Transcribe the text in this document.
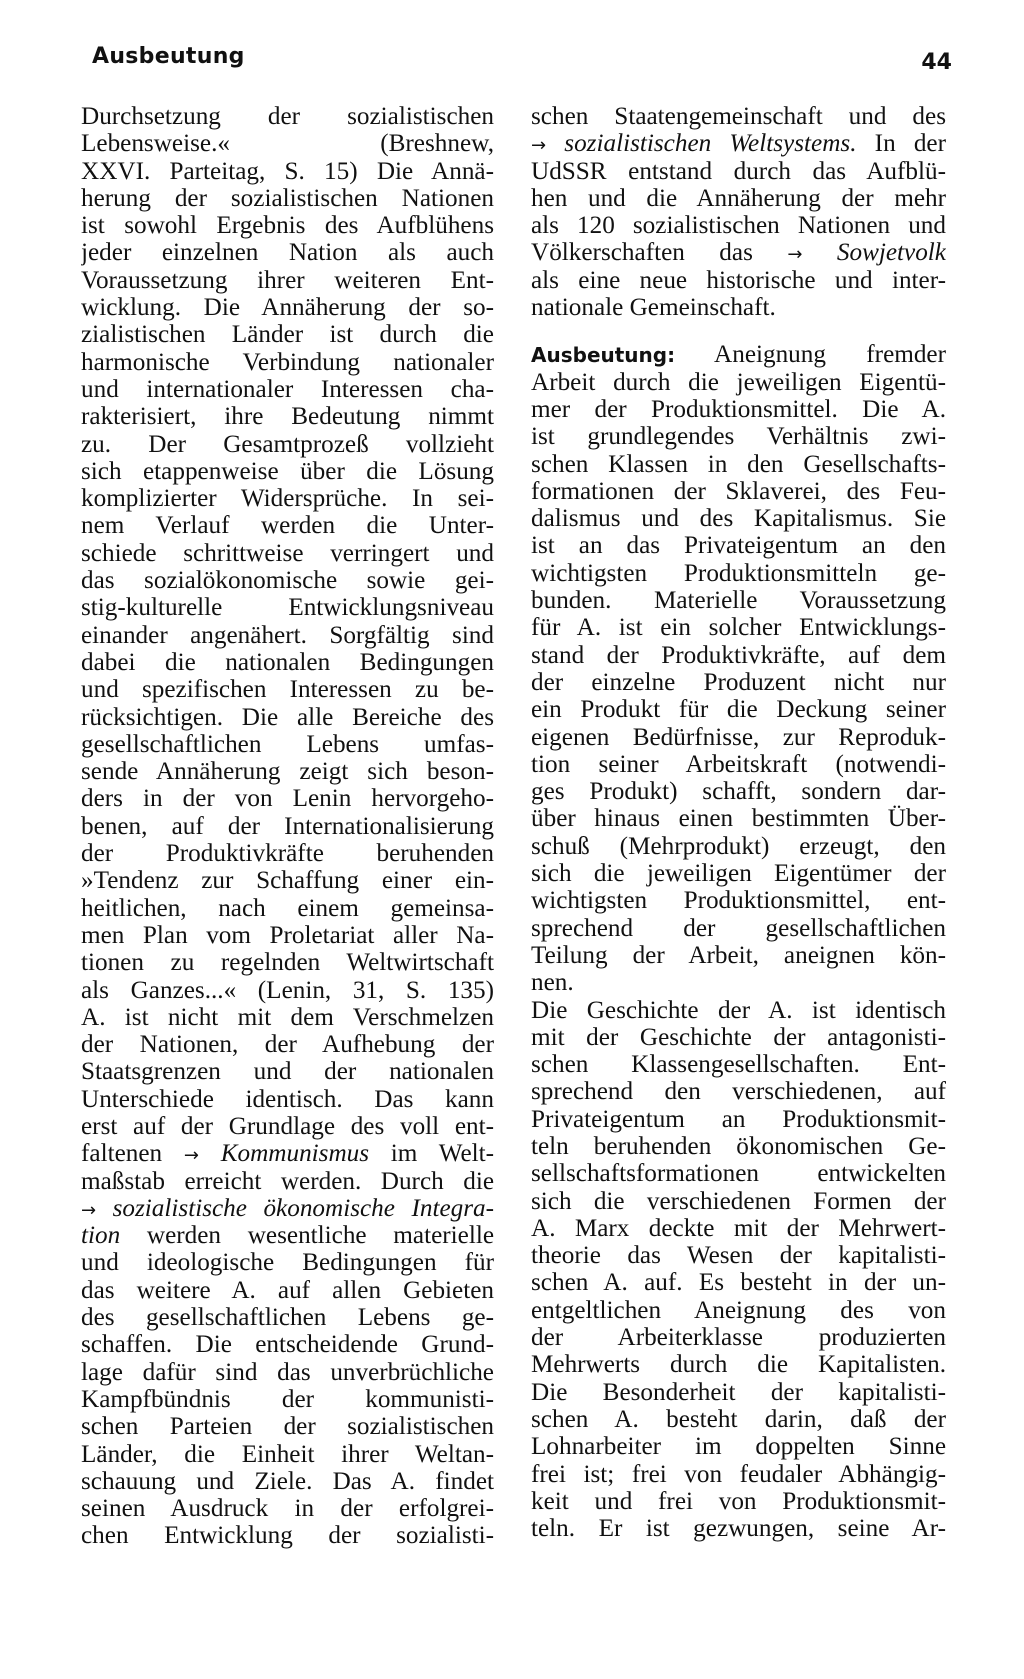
Ausbeutung	44
Durchsetzung der sozialistischen
Lebensweise.« (Breshnew,
XXVI. Parteitag, S. 15) Die Annä-
herung der sozialistischen Nationen
ist sowohl Ergebnis des Aufblühens
jeder einzelnen Nation als auch
Voraussetzung ihrer weiteren Ent-
wicklung. Die Annäherung der so-
zialistischen Länder ist durch die
harmonische Verbindung nationaler
und internationaler Interessen cha-
rakterisiert, ihre Bedeutung nimmt
zu. Der Gesamtprozeß vollzieht
sich etappenweise über die Lösung
komplizierter Widersprüche. In sei-
nem Verlauf werden die Unter-
schiede schrittweise verringert und
das sozialökonomische sowie gei-
stig-kulturelle Entwicklungsniveau
einander angenähert. Sorgfältig sind
dabei die nationalen Bedingungen
und spezifischen Interessen zu be-
rücksichtigen. Die alle Bereiche des
gesellschaftlichen Lebens umfas-
sende Annäherung zeigt sich beson-
ders in der von Lenin hervorgeho-
benen, auf der Internationalisierung
der Produktivkräfte beruhenden
»Tendenz zur Schaffung einer ein-
heitlichen, nach einem gemeinsa-
men Plan vom Proletariat aller Na-
tionen zu regelnden Weltwirtschaft
als Ganzes...« (Lenin, 31, S. 135)
A. ist nicht mit dem Verschmelzen
der Nationen, der Aufhebung der
Staatsgrenzen und der nationalen
Unterschiede identisch. Das kann
erst auf der Grundlage des voll ent-
faltenen → Kommunismus im Welt-
maßstab erreicht werden. Durch die
→ sozialistische ökonomische Integra-
tion werden wesentliche materielle
und ideologische Bedingungen für
das weitere A. auf allen Gebieten
des gesellschaftlichen Lebens ge-
schaffen. Die entscheidende Grund-
lage dafür sind das unverbrüchliche
Kampfbündnis der kommunisti-
schen Parteien der sozialistischen
Länder, die Einheit ihrer Weltan-
schauung und Ziele. Das A. findet
seinen Ausdruck in der erfolgrei-
chen Entwicklung der sozialisti-
schen Staatengemeinschaft und des
→ sozialistischen Weltsystems. In der
UdSSR entstand durch das Aufblü-
hen und die Annäherung der mehr
als 120 sozialistischen Nationen und
Völkerschaften das → Sowjetvolk
als eine neue historische und inter-
nationale Gemeinschaft.
Ausbeutung: Aneignung fremder
Arbeit durch die jeweiligen Eigentü-
mer der Produktionsmittel. Die A.
ist grundlegendes Verhältnis zwi-
schen Klassen in den Gesellschafts-
formationen der Sklaverei, des Feu-
dalismus und des Kapitalismus. Sie
ist an das Privateigentum an den
wichtigsten Produktionsmitteln ge-
bunden. Materielle Voraussetzung
für A. ist ein solcher Entwicklungs-
stand der Produktivkräfte, auf dem
der einzelne Produzent nicht nur
ein Produkt für die Deckung seiner
eigenen Bedürfnisse, zur Reproduk-
tion seiner Arbeitskraft (notwendi-
ges Produkt) schafft, sondern dar-
über hinaus einen bestimmten Über-
schuß (Mehrprodukt) erzeugt, den
sich die jeweiligen Eigentümer der
wichtigsten Produktionsmittel, ent-
sprechend der gesellschaftlichen
Teilung der Arbeit, aneignen kön-
nen.
Die Geschichte der A. ist identisch
mit der Geschichte der antagonisti-
schen Klassengesellschaften. Ent-
sprechend den verschiedenen, auf
Privateigentum an Produktionsmit-
teln beruhenden ökonomischen Ge-
sellschaftsformationen entwickelten
sich die verschiedenen Formen der
A. Marx deckte mit der Mehrwert-
theorie das Wesen der kapitalisti-
schen A. auf. Es besteht in der un-
entgeltlichen Aneignung des von
der Arbeiterklasse produzierten
Mehrwerts durch die Kapitalisten.
Die Besonderheit der kapitalisti-
schen A. besteht darin, daß der
Lohnarbeiter im doppelten Sinne
frei ist; frei von feudaler Abhängig-
keit und frei von Produktionsmit-
teln. Er ist gezwungen, seine Ar-
